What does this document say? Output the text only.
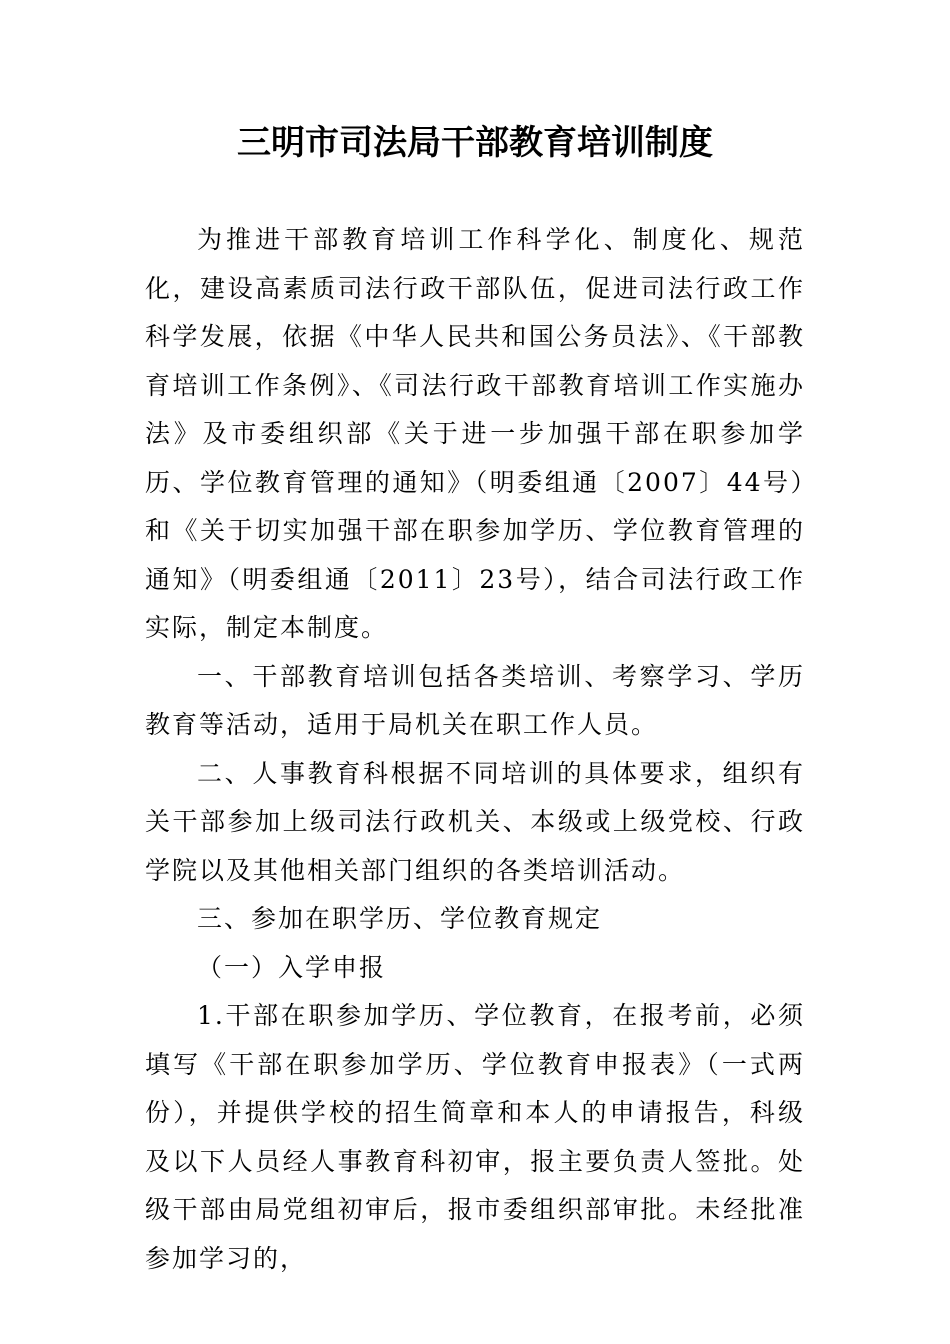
三明市司法局干部教育培训制度

为推进干部教育培训工作科学化、制度化、规范化，建设高素质司法行政干部队伍，促进司法行政工作科学发展，依据《中华人民共和国公务员法》、《干部教育培训工作条例》、《司法行政干部教育培训工作实施办法》及市委组织部《关于进一步加强干部在职参加学历、学位教育管理的通知》（明委组通〔2007〕44号）和《关于切实加强干部在职参加学历、学位教育管理的通知》（明委组通〔2011〕23号），结合司法行政工作实际，制定本制度。

一、干部教育培训包括各类培训、考察学习、学历教育等活动，适用于局机关在职工作人员。

二、人事教育科根据不同培训的具体要求，组织有关干部参加上级司法行政机关、本级或上级党校、行政学院以及其他相关部门组织的各类培训活动。

三、参加在职学历、学位教育规定

（一）入学申报

1.干部在职参加学历、学位教育，在报考前，必须填写《干部在职参加学历、学位教育申报表》（一式两份），并提供学校的招生简章和本人的申请报告，科级及以下人员经人事教育科初审，报主要负责人签批。处级干部由局党组初审后，报市委组织部审批。未经批准参加学习的，
